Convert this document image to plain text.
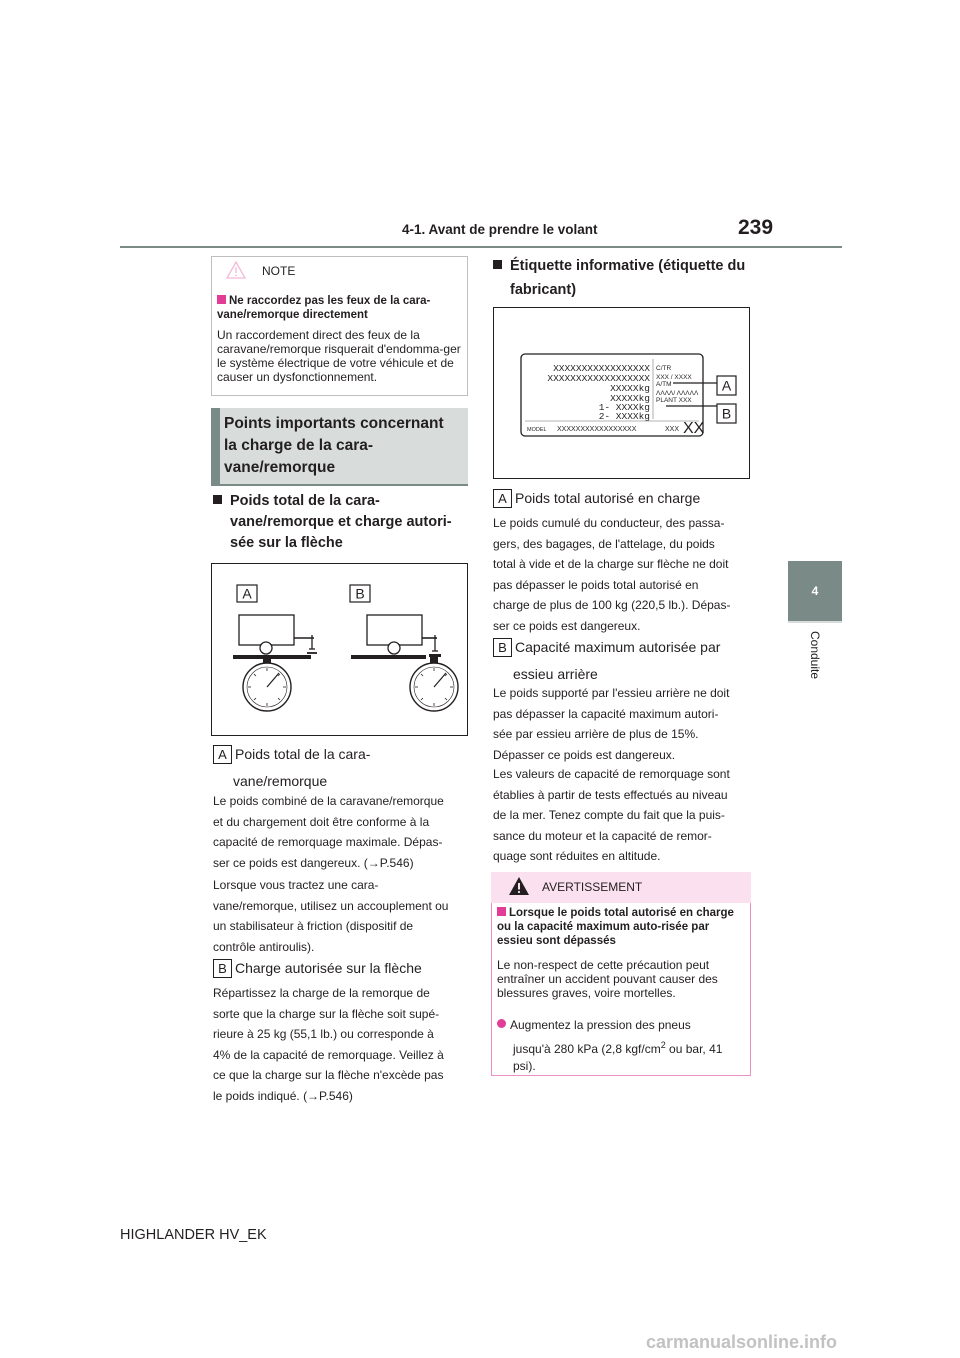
4-1. Avant de prendre le volant	239
4
Conduite
NOTE
Ne raccordez pas les feux de la cara-vane/remorque directement
Un raccordement direct des feux de la caravane/remorque risquerait d'endomma-ger le système électrique de votre véhicule et de causer un dysfonctionnement.
Points importants concernant
la charge de la cara-
vane/remorque
Poids total de la cara-
vane/remorque et charge autori-
sée sur la flèche
A	B
A Poids total de la cara-
vane/remorque
Le poids combiné de la caravane/remorque
et du chargement doit être conforme à la
capacité de remorquage maximale. Dépas-
ser ce poids est dangereux. (→P.546)
Lorsque vous tractez une cara-
vane/remorque, utilisez un accouplement ou
un stabilisateur à friction (dispositif de
contrôle antiroulis).
B Charge autorisée sur la flèche
Répartissez la charge de la remorque de
sorte que la charge sur la flèche soit supé-
rieure à 25 kg (55,1 lb.) ou corresponde à
4% de la capacité de remorquage. Veillez à
ce que la charge sur la flèche n'excède pas
le poids indiqué. (→P.546)
Étiquette informative (étiquette du
fabricant)
XXXXXXXXXXXXXXXXX
XXXXXXXXXXXXXXXXXX
XXXXXkg
XXXXXkg
1- XXXXkg
2- XXXXkg
C/TR
XXX / XXXX
A/TM
ΛΛΛΛ/ ΛΛΛΛΛ
PLANT XXX
MODEL XXXXXXXXXXXXXXXXX	XXX XX
A
B
A Poids total autorisé en charge
Le poids cumulé du conducteur, des passa-
gers, des bagages, de l'attelage, du poids
total à vide et de la charge sur flèche ne doit
pas dépasser le poids total autorisé en
charge de plus de 100 kg (220,5 lb.). Dépas-
ser ce poids est dangereux.
B Capacité maximum autorisée par
essieu arrière
Le poids supporté par l'essieu arrière ne doit
pas dépasser la capacité maximum autori-
sée par essieu arrière de plus de 15%.
Dépasser ce poids est dangereux.
Les valeurs de capacité de remorquage sont
établies à partir de tests effectués au niveau
de la mer. Tenez compte du fait que la puis-
sance du moteur et la capacité de remor-
quage sont réduites en altitude.
AVERTISSEMENT
Lorsque le poids total autorisé en charge ou la capacité maximum auto-risée par essieu sont dépassés
Le non-respect de cette précaution peut entraîner un accident pouvant causer des blessures graves, voire mortelles.
Augmentez la pression des pneus
jusqu'à 280 kPa (2,8 kgf/$cm^2$ ou bar, 41
psi).
HIGHLANDER HV_EK
carmanualsonline.info
